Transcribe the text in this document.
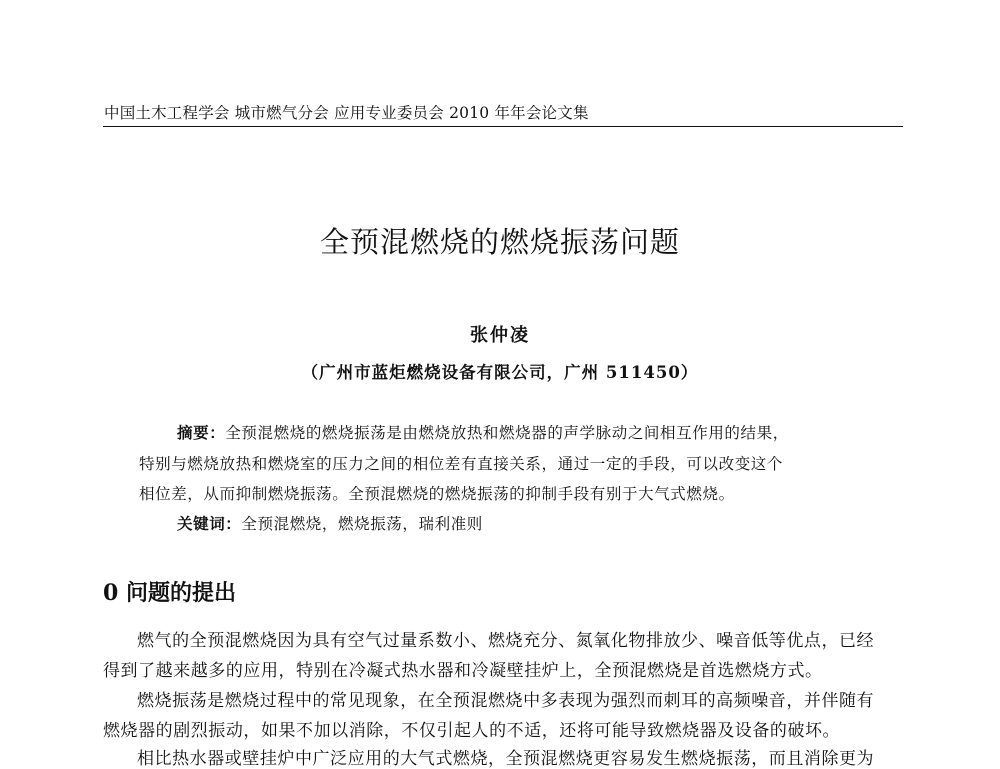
中国土木工程学会 城市燃气分会 应用专业委员会 2010 年年会论文集
全预混燃烧的燃烧振荡问题
张仲凌
（广州市蓝炬燃烧设备有限公司，广州 511450）
摘要：全预混燃烧的燃烧振荡是由燃烧放热和燃烧器的声学脉动之间相互作用的结果，
特别与燃烧放热和燃烧室的压力之间的相位差有直接关系，通过一定的手段，可以改变这个
相位差，从而抑制燃烧振荡。全预混燃烧的燃烧振荡的抑制手段有别于大气式燃烧。
关键词：全预混燃烧，燃烧振荡，瑞利准则
0 问题的提出
燃气的全预混燃烧因为具有空气过量系数小、燃烧充分、氮氧化物排放少、噪音低等优点，已经
得到了越来越多的应用，特别在冷凝式热水器和冷凝壁挂炉上，全预混燃烧是首选燃烧方式。
燃烧振荡是燃烧过程中的常见现象，在全预混燃烧中多表现为强烈而刺耳的高频噪音，并伴随有
燃烧器的剧烈振动，如果不加以消除，不仅引起人的不适，还将可能导致燃烧器及设备的破坏。
相比热水器或壁挂炉中广泛应用的大气式燃烧，全预混燃烧更容易发生燃烧振荡，而且消除更为
